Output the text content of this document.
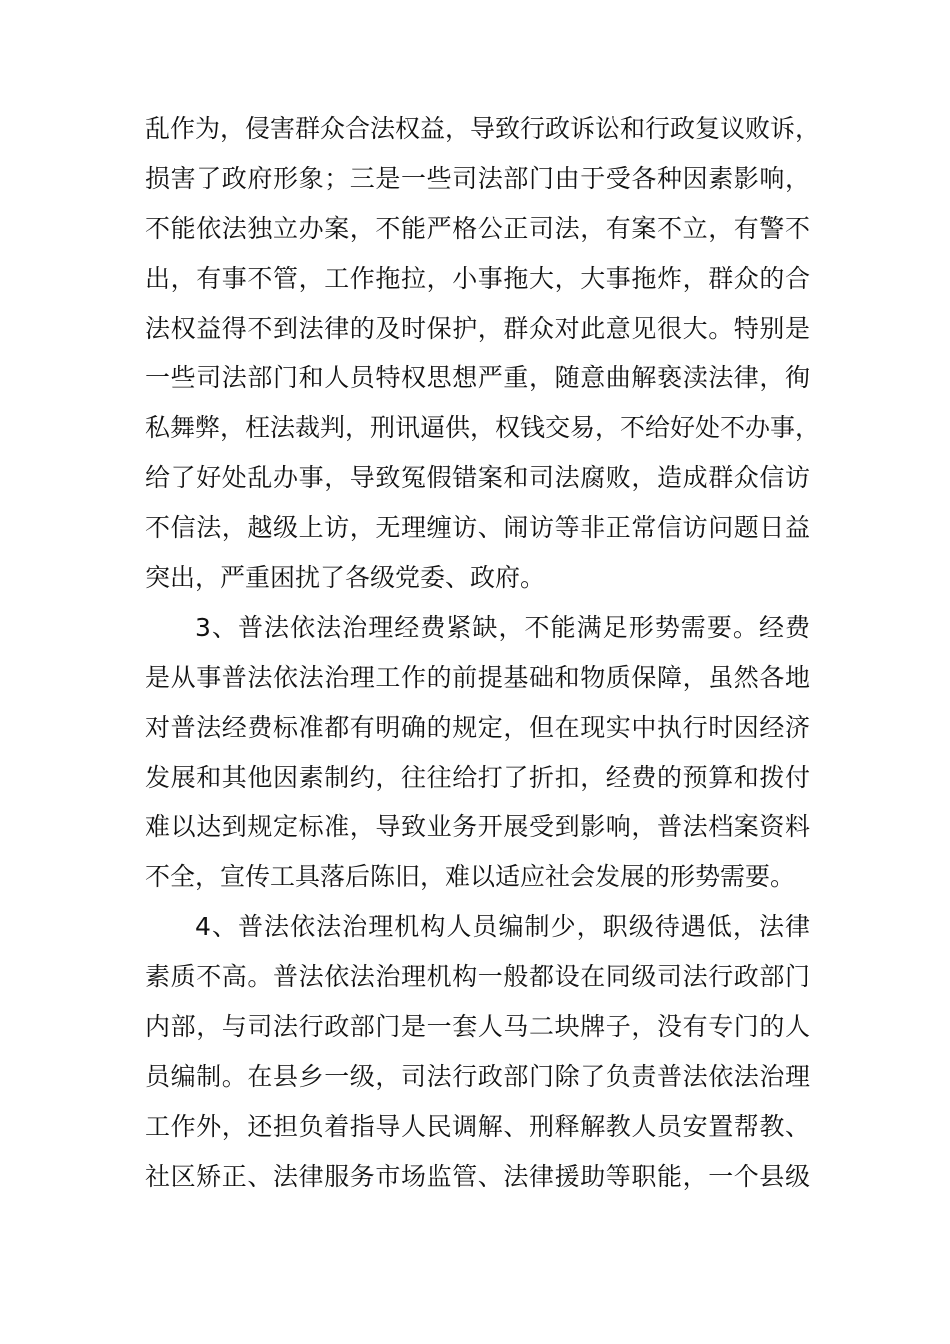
乱作为，侵害群众合法权益，导致行政诉讼和行政复议败诉，
损害了政府形象；三是一些司法部门由于受各种因素影响，
不能依法独立办案，不能严格公正司法，有案不立，有警不
出，有事不管，工作拖拉，小事拖大，大事拖炸，群众的合
法权益得不到法律的及时保护，群众对此意见很大。特别是
一些司法部门和人员特权思想严重，随意曲解亵渎法律，徇
私舞弊，枉法裁判，刑讯逼供，权钱交易，不给好处不办事，
给了好处乱办事，导致冤假错案和司法腐败，造成群众信访
不信法，越级上访，无理缠访、闹访等非正常信访问题日益
突出，严重困扰了各级党委、政府。
3、普法依法治理经费紧缺，不能满足形势需要。经费
是从事普法依法治理工作的前提基础和物质保障，虽然各地
对普法经费标准都有明确的规定，但在现实中执行时因经济
发展和其他因素制约，往往给打了折扣，经费的预算和拨付
难以达到规定标准，导致业务开展受到影响，普法档案资料
不全，宣传工具落后陈旧，难以适应社会发展的形势需要。
4、普法依法治理机构人员编制少，职级待遇低，法律
素质不高。普法依法治理机构一般都设在同级司法行政部门
内部，与司法行政部门是一套人马二块牌子，没有专门的人
员编制。在县乡一级，司法行政部门除了负责普法依法治理
工作外，还担负着指导人民调解、刑释解教人员安置帮教、
社区矫正、法律服务市场监管、法律援助等职能，一个县级
